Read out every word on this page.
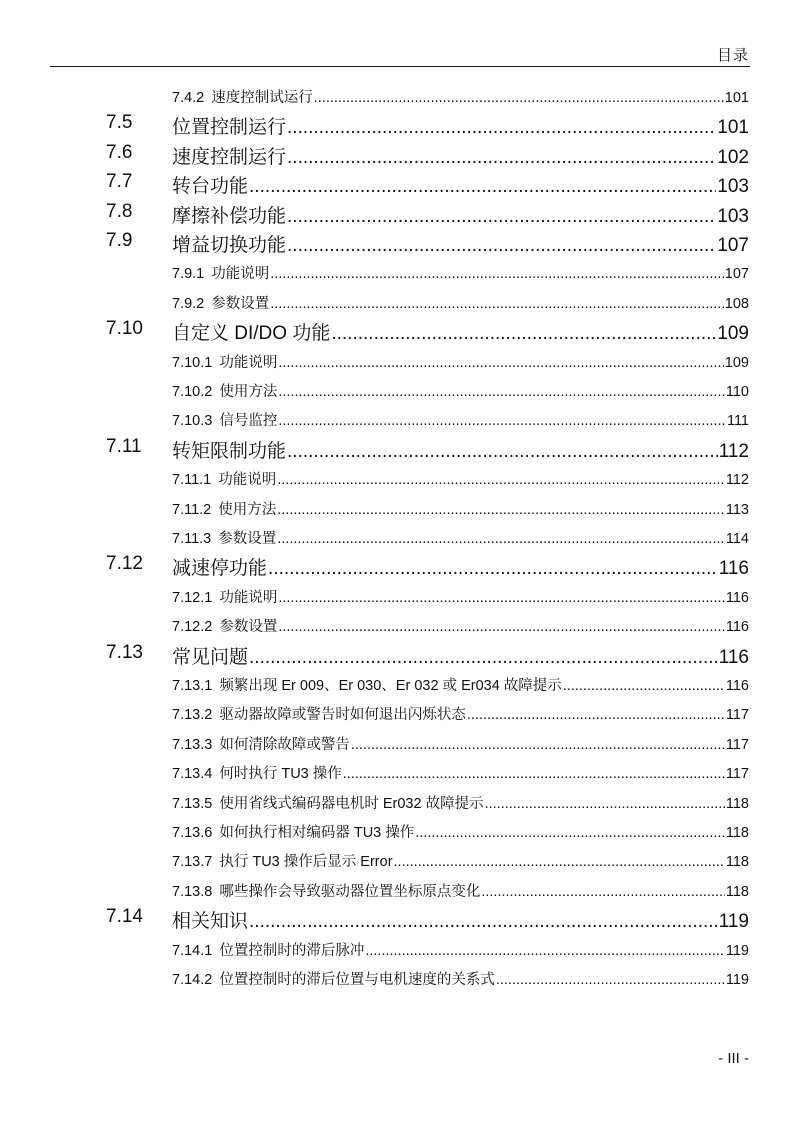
目录
7.4.2 速度控制试运行 .....	101
7.5 位置控制运行 .....	101
7.6 速度控制运行 .....	102
7.7 转台功能 .....	103
7.8 摩擦补偿功能 .....	103
7.9 增益切换功能 .....	107
7.9.1 功能说明 .....	107
7.9.2 参数设置 .....	108
7.10 自定义 DI/DO 功能 .....	109
7.10.1 功能说明 .....	109
7.10.2 使用方法 .....	110
7.10.3 信号监控 .....	111
7.11 转矩限制功能 .....	112
7.11.1 功能说明 .....	112
7.11.2 使用方法 .....	113
7.11.3 参数设置 .....	114
7.12 减速停功能 .....	116
7.12.1 功能说明 .....	116
7.12.2 参数设置 .....	116
7.13 常见问题 .....	116
7.13.1 频繁出现 Er 009、Er 030、Er 032 或 Er034 故障提示 .....	116
7.13.2 驱动器故障或警告时如何退出闪烁状态 .....	117
7.13.3 如何清除故障或警告 .....	117
7.13.4 何时执行 TU3 操作 .....	117
7.13.5 使用省线式编码器电机时 Er032 故障提示 .....	118
7.13.6 如何执行相对编码器 TU3 操作 .....	118
7.13.7 执行 TU3 操作后显示 Error .....	118
7.13.8 哪些操作会导致驱动器位置坐标原点变化 .....	118
7.14 相关知识 .....	119
7.14.1 位置控制时的滞后脉冲 .....	119
7.14.2 位置控制时的滞后位置与电机速度的关系式 .....	119
- III -
